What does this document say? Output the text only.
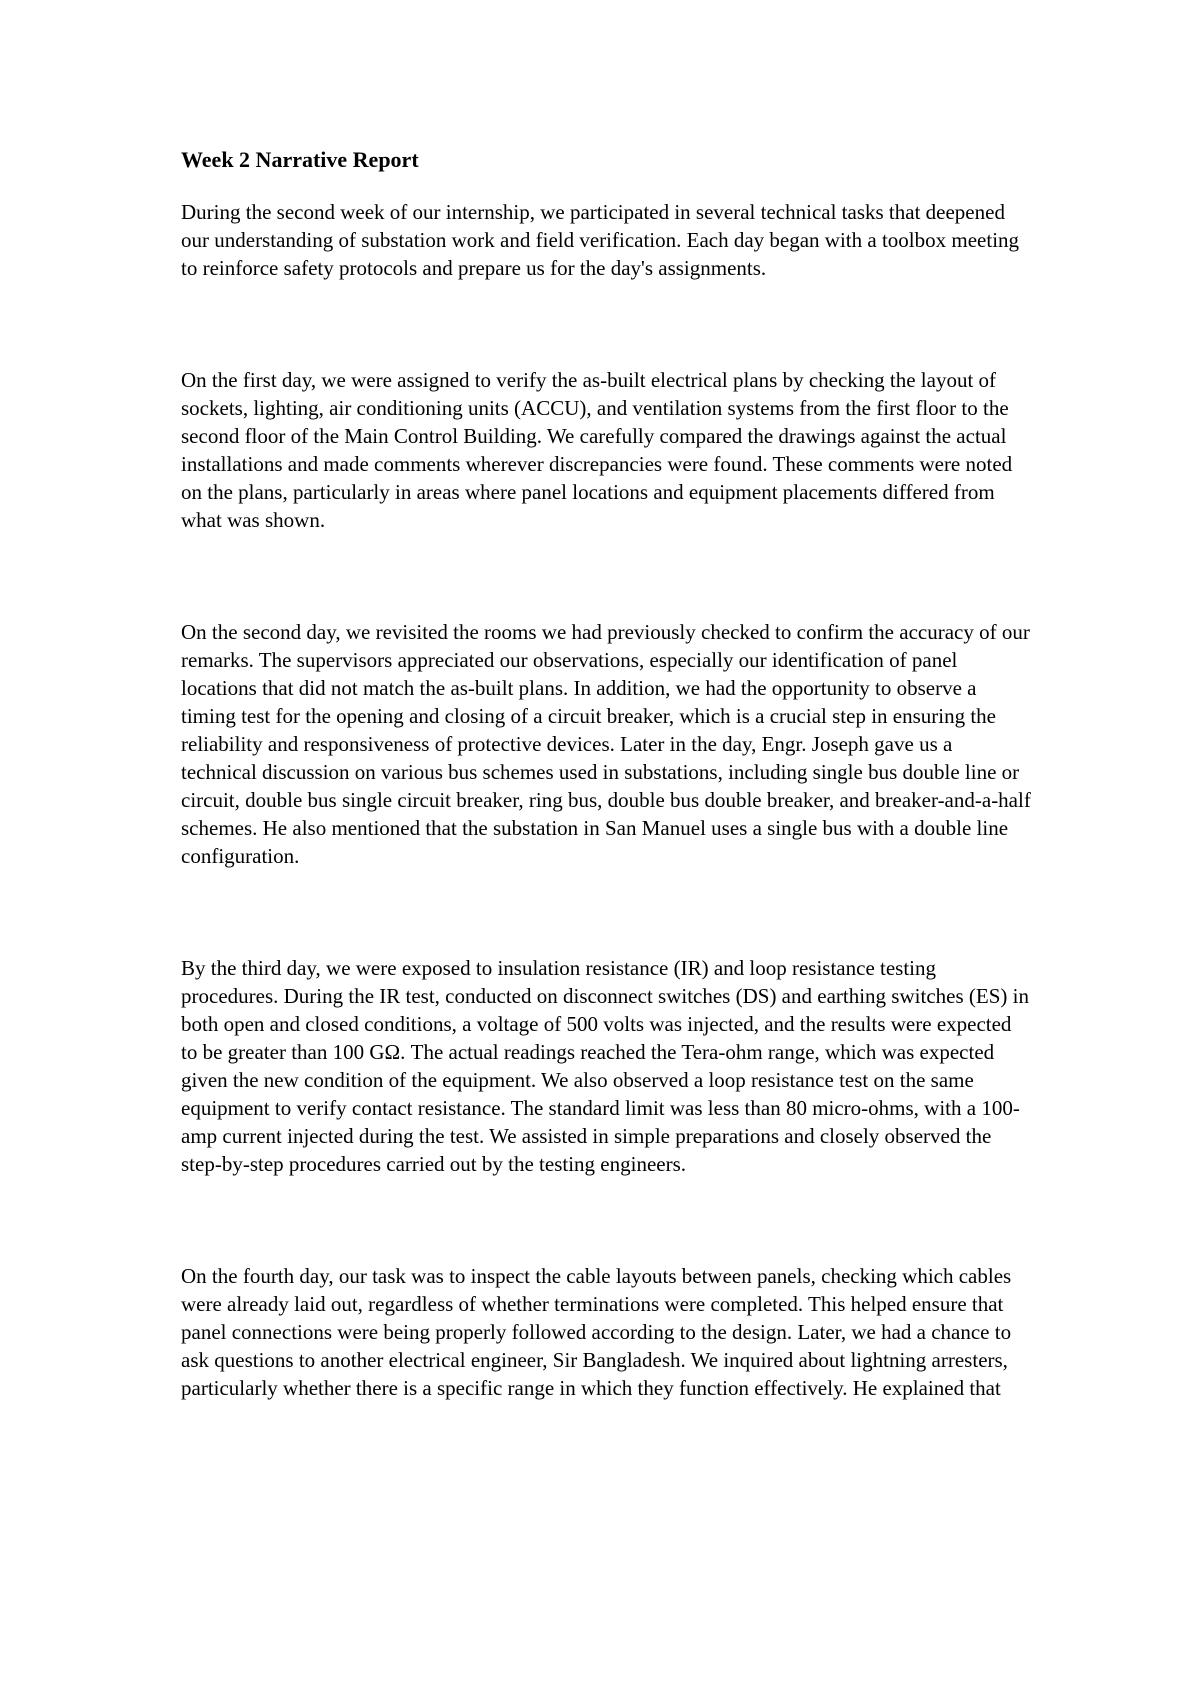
Week 2 Narrative Report

During the second week of our internship, we participated in several technical tasks that deepened our understanding of substation work and field verification. Each day began with a toolbox meeting to reinforce safety protocols and prepare us for the day's assignments.

On the first day, we were assigned to verify the as-built electrical plans by checking the layout of sockets, lighting, air conditioning units (ACCU), and ventilation systems from the first floor to the second floor of the Main Control Building. We carefully compared the drawings against the actual installations and made comments wherever discrepancies were found. These comments were noted on the plans, particularly in areas where panel locations and equipment placements differed from what was shown.

On the second day, we revisited the rooms we had previously checked to confirm the accuracy of our remarks. The supervisors appreciated our observations, especially our identification of panel locations that did not match the as-built plans. In addition, we had the opportunity to observe a timing test for the opening and closing of a circuit breaker, which is a crucial step in ensuring the reliability and responsiveness of protective devices. Later in the day, Engr. Joseph gave us a technical discussion on various bus schemes used in substations, including single bus double line or circuit, double bus single circuit breaker, ring bus, double bus double breaker, and breaker-and-a-half schemes. He also mentioned that the substation in San Manuel uses a single bus with a double line configuration.

By the third day, we were exposed to insulation resistance (IR) and loop resistance testing procedures. During the IR test, conducted on disconnect switches (DS) and earthing switches (ES) in both open and closed conditions, a voltage of 500 volts was injected, and the results were expected to be greater than 100 GΩ. The actual readings reached the Tera-ohm range, which was expected given the new condition of the equipment. We also observed a loop resistance test on the same equipment to verify contact resistance. The standard limit was less than 80 micro-ohms, with a 100-amp current injected during the test. We assisted in simple preparations and closely observed the step-by-step procedures carried out by the testing engineers.

On the fourth day, our task was to inspect the cable layouts between panels, checking which cables were already laid out, regardless of whether terminations were completed. This helped ensure that panel connections were being properly followed according to the design. Later, we had a chance to ask questions to another electrical engineer, Sir Bangladesh. We inquired about lightning arresters, particularly whether there is a specific range in which they function effectively. He explained that
